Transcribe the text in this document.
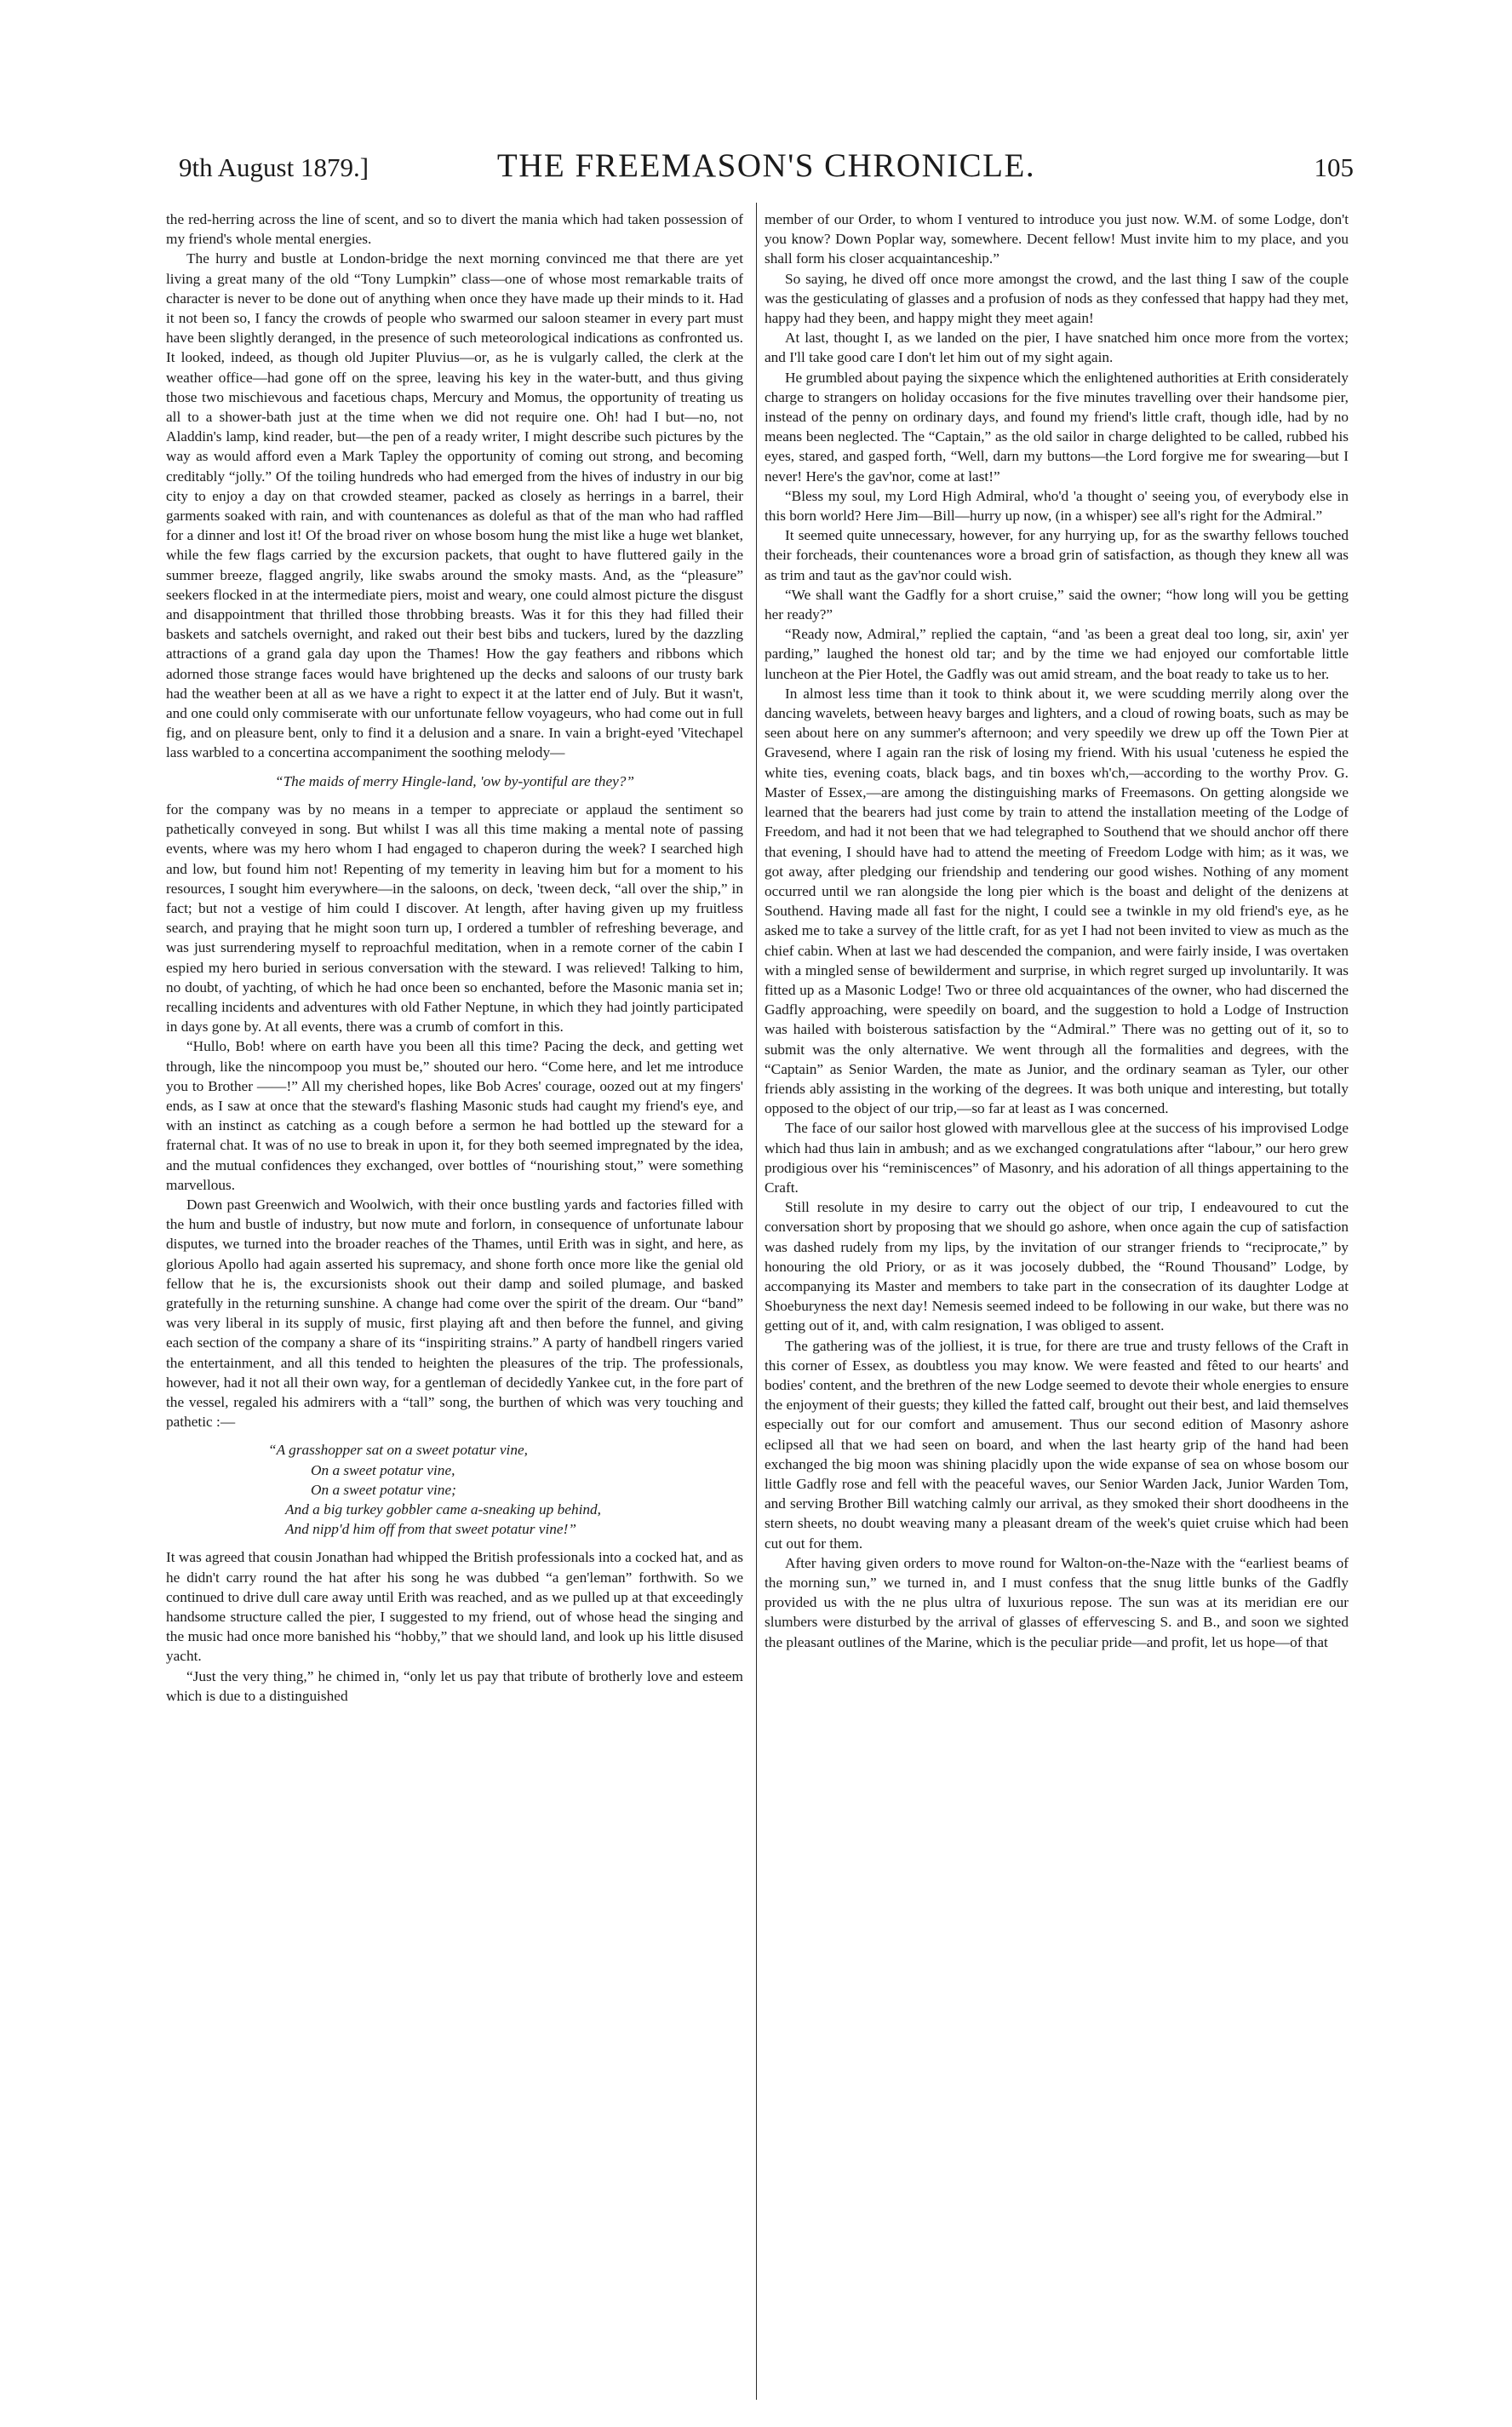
9th August 1879.]	THE FREEMASON'S CHRONICLE.	105

the red-herring across the line of scent, and so to divert the mania which had taken possession of my friend's whole mental energies.

The hurry and bustle at London-bridge the next morning convinced me that there are yet living a great many of the old “Tony Lumpkin” class—one of whose most remarkable traits of character is never to be done out of anything when once they have made up their minds to it. Had it not been so, I fancy the crowds of people who swarmed our saloon steamer in every part must have been slightly deranged, in the presence of such meteorological indications as confronted us. It looked, indeed, as though old Jupiter Pluvius—or, as he is vulgarly called, the clerk at the weather office—had gone off on the spree, leaving his key in the water-butt, and thus giving those two mischievous and facetious chaps, Mercury and Momus, the opportunity of treating us all to a shower-bath just at the time when we did not require one. Oh! had I but—no, not Aladdin's lamp, kind reader, but—the pen of a ready writer, I might describe such pictures by the way as would afford even a Mark Tapley the opportunity of coming out strong, and becoming creditably “jolly.” Of the toiling hundreds who had emerged from the hives of industry in our big city to enjoy a day on that crowded steamer, packed as closely as herrings in a barrel, their garments soaked with rain, and with countenances as doleful as that of the man who had raffled for a dinner and lost it! Of the broad river on whose bosom hung the mist like a huge wet blanket, while the few flags carried by the excursion packets, that ought to have fluttered gaily in the summer breeze, flagged angrily, like swabs around the smoky masts. And, as the “pleasure” seekers flocked in at the intermediate piers, moist and weary, one could almost picture the disgust and disappointment that thrilled those throbbing breasts. Was it for this they had filled their baskets and satchels overnight, and raked out their best bibs and tuckers, lured by the dazzling attractions of a grand gala day upon the Thames! How the gay feathers and ribbons which adorned those strange faces would have brightened up the decks and saloons of our trusty bark had the weather been at all as we have a right to expect it at the latter end of July. But it wasn't, and one could only commiserate with our unfortunate fellow voyageurs, who had come out in full fig, and on pleasure bent, only to find it a delusion and a snare. In vain a bright-eyed 'Vitechapel lass warbled to a concertina accompaniment the soothing melody—

“The maids of merry Hingle-land, 'ow by-yontiful are they?”

for the company was by no means in a temper to appreciate or applaud the sentiment so pathetically conveyed in song. But whilst I was all this time making a mental note of passing events, where was my hero whom I had engaged to chaperon during the week? I searched high and low, but found him not! Repenting of my temerity in leaving him but for a moment to his resources, I sought him everywhere—in the saloons, on deck, 'tween deck, “all over the ship,” in fact; but not a vestige of him could I discover. At length, after having given up my fruitless search, and praying that he might soon turn up, I ordered a tumbler of refreshing beverage, and was just surrendering myself to reproachful meditation, when in a remote corner of the cabin I espied my hero buried in serious conversation with the steward. I was relieved! Talking to him, no doubt, of yachting, of which he had once been so enchanted, before the Masonic mania set in; recalling incidents and adventures with old Father Neptune, in which they had jointly participated in days gone by. At all events, there was a crumb of comfort in this.

“Hullo, Bob! where on earth have you been all this time? Pacing the deck, and getting wet through, like the nincompoop you must be,” shouted our hero. “Come here, and let me introduce you to Brother ——!” All my cherished hopes, like Bob Acres' courage, oozed out at my fingers' ends, as I saw at once that the steward's flashing Masonic studs had caught my friend's eye, and with an instinct as catching as a cough before a sermon he had bottled up the steward for a fraternal chat. It was of no use to break in upon it, for they both seemed impregnated by the idea, and the mutual confidences they exchanged, over bottles of “nourishing stout,” were something marvellous.

Down past Greenwich and Woolwich, with their once bustling yards and factories filled with the hum and bustle of industry, but now mute and forlorn, in consequence of unfortunate labour disputes, we turned into the broader reaches of the Thames, until Erith was in sight, and here, as glorious Apollo had again asserted his supremacy, and shone forth once more like the genial old fellow that he is, the excursionists shook out their damp and soiled plumage, and basked gratefully in the returning sunshine. A change had come over the spirit of the dream. Our “band” was very liberal in its supply of music, first playing aft and then before the funnel, and giving each section of the company a share of its “inspiriting strains.” A party of handbell ringers varied the entertainment, and all this tended to heighten the pleasures of the trip. The professionals, however, had it not all their own way, for a gentleman of decidedly Yankee cut, in the fore part of the vessel, regaled his admirers with a “tall” song, the burthen of which was very touching and pathetic :—

“A grasshopper sat on a sweet potatur vine,
On a sweet potatur vine,
On a sweet potatur vine;
And a big turkey gobbler came a-sneaking up behind,
And nipp'd him off from that sweet potatur vine!”

It was agreed that cousin Jonathan had whipped the British professionals into a cocked hat, and as he didn't carry round the hat after his song he was dubbed “a gen'leman” forthwith. So we continued to drive dull care away until Erith was reached, and as we pulled up at that exceedingly handsome structure called the pier, I suggested to my friend, out of whose head the singing and the music had once more banished his “hobby,” that we should land, and look up his little disused yacht.

“Just the very thing,” he chimed in, “only let us pay that tribute of brotherly love and esteem which is due to a distinguished

member of our Order, to whom I ventured to introduce you just now. W.M. of some Lodge, don't you know? Down Poplar way, somewhere. Decent fellow! Must invite him to my place, and you shall form his closer acquaintanceship.”

So saying, he dived off once more amongst the crowd, and the last thing I saw of the couple was the gesticulating of glasses and a profusion of nods as they confessed that happy had they met, happy had they been, and happy might they meet again!

At last, thought I, as we landed on the pier, I have snatched him once more from the vortex; and I'll take good care I don't let him out of my sight again.

He grumbled about paying the sixpence which the enlightened authorities at Erith considerately charge to strangers on holiday occasions for the five minutes travelling over their handsome pier, instead of the penny on ordinary days, and found my friend's little craft, though idle, had by no means been neglected. The “Captain,” as the old sailor in charge delighted to be called, rubbed his eyes, stared, and gasped forth, “Well, darn my buttons—the Lord forgive me for swearing—but I never! Here's the gav'nor, come at last!”

“Bless my soul, my Lord High Admiral, who'd 'a thought o' seeing you, of everybody else in this born world? Here Jim—Bill—hurry up now, (in a whisper) see all's right for the Admiral.”

It seemed quite unnecessary, however, for any hurrying up, for as the swarthy fellows touched their forcheads, their countenances wore a broad grin of satisfaction, as though they knew all was as trim and taut as the gav'nor could wish.

“We shall want the Gadfly for a short cruise,” said the owner; “how long will you be getting her ready?”

“Ready now, Admiral,” replied the captain, “and 'as been a great deal too long, sir, axin' yer parding,” laughed the honest old tar; and by the time we had enjoyed our comfortable little luncheon at the Pier Hotel, the Gadfly was out amid stream, and the boat ready to take us to her.

In almost less time than it took to think about it, we were scudding merrily along over the dancing wavelets, between heavy barges and lighters, and a cloud of rowing boats, such as may be seen about here on any summer's afternoon; and very speedily we drew up off the Town Pier at Gravesend, where I again ran the risk of losing my friend. With his usual 'cuteness he espied the white ties, evening coats, black bags, and tin boxes wh'ch,—according to the worthy Prov. G. Master of Essex,—are among the distinguishing marks of Freemasons. On getting alongside we learned that the bearers had just come by train to attend the installation meeting of the Lodge of Freedom, and had it not been that we had telegraphed to Southend that we should anchor off there that evening, I should have had to attend the meeting of Freedom Lodge with him; as it was, we got away, after pledging our friendship and tendering our good wishes. Nothing of any moment occurred until we ran alongside the long pier which is the boast and delight of the denizens at Southend. Having made all fast for the night, I could see a twinkle in my old friend's eye, as he asked me to take a survey of the little craft, for as yet I had not been invited to view as much as the chief cabin. When at last we had descended the companion, and were fairly inside, I was overtaken with a mingled sense of bewilderment and surprise, in which regret surged up involuntarily. It was fitted up as a Masonic Lodge! Two or three old acquaintances of the owner, who had discerned the Gadfly approaching, were speedily on board, and the suggestion to hold a Lodge of Instruction was hailed with boisterous satisfaction by the “Admiral.” There was no getting out of it, so to submit was the only alternative. We went through all the formalities and degrees, with the “Captain” as Senior Warden, the mate as Junior, and the ordinary seaman as Tyler, our other friends ably assisting in the working of the degrees. It was both unique and interesting, but totally opposed to the object of our trip,—so far at least as I was concerned.

The face of our sailor host glowed with marvellous glee at the success of his improvised Lodge which had thus lain in ambush; and as we exchanged congratulations after “labour,” our hero grew prodigious over his “reminiscences” of Masonry, and his adoration of all things appertaining to the Craft.

Still resolute in my desire to carry out the object of our trip, I endeavoured to cut the conversation short by proposing that we should go ashore, when once again the cup of satisfaction was dashed rudely from my lips, by the invitation of our stranger friends to “reciprocate,” by honouring the old Priory, or as it was jocosely dubbed, the “Round Thousand” Lodge, by accompanying its Master and members to take part in the consecration of its daughter Lodge at Shoeburyness the next day! Nemesis seemed indeed to be following in our wake, but there was no getting out of it, and, with calm resignation, I was obliged to assent.

The gathering was of the jolliest, it is true, for there are true and trusty fellows of the Craft in this corner of Essex, as doubtless you may know. We were feasted and fêted to our hearts' and bodies' content, and the brethren of the new Lodge seemed to devote their whole energies to ensure the enjoyment of their guests; they killed the fatted calf, brought out their best, and laid themselves especially out for our comfort and amusement. Thus our second edition of Masonry ashore eclipsed all that we had seen on board, and when the last hearty grip of the hand had been exchanged the big moon was shining placidly upon the wide expanse of sea on whose bosom our little Gadfly rose and fell with the peaceful waves, our Senior Warden Jack, Junior Warden Tom, and serving Brother Bill watching calmly our arrival, as they smoked their short doodheens in the stern sheets, no doubt weaving many a pleasant dream of the week's quiet cruise which had been cut out for them.

After having given orders to move round for Walton-on-the-Naze with the “earliest beams of the morning sun,” we turned in, and I must confess that the snug little bunks of the Gadfly provided us with the ne plus ultra of luxurious repose. The sun was at its meridian ere our slumbers were disturbed by the arrival of glasses of effervescing S. and B., and soon we sighted the pleasant outlines of the Marine, which is the peculiar pride—and profit, let us hope—of that
